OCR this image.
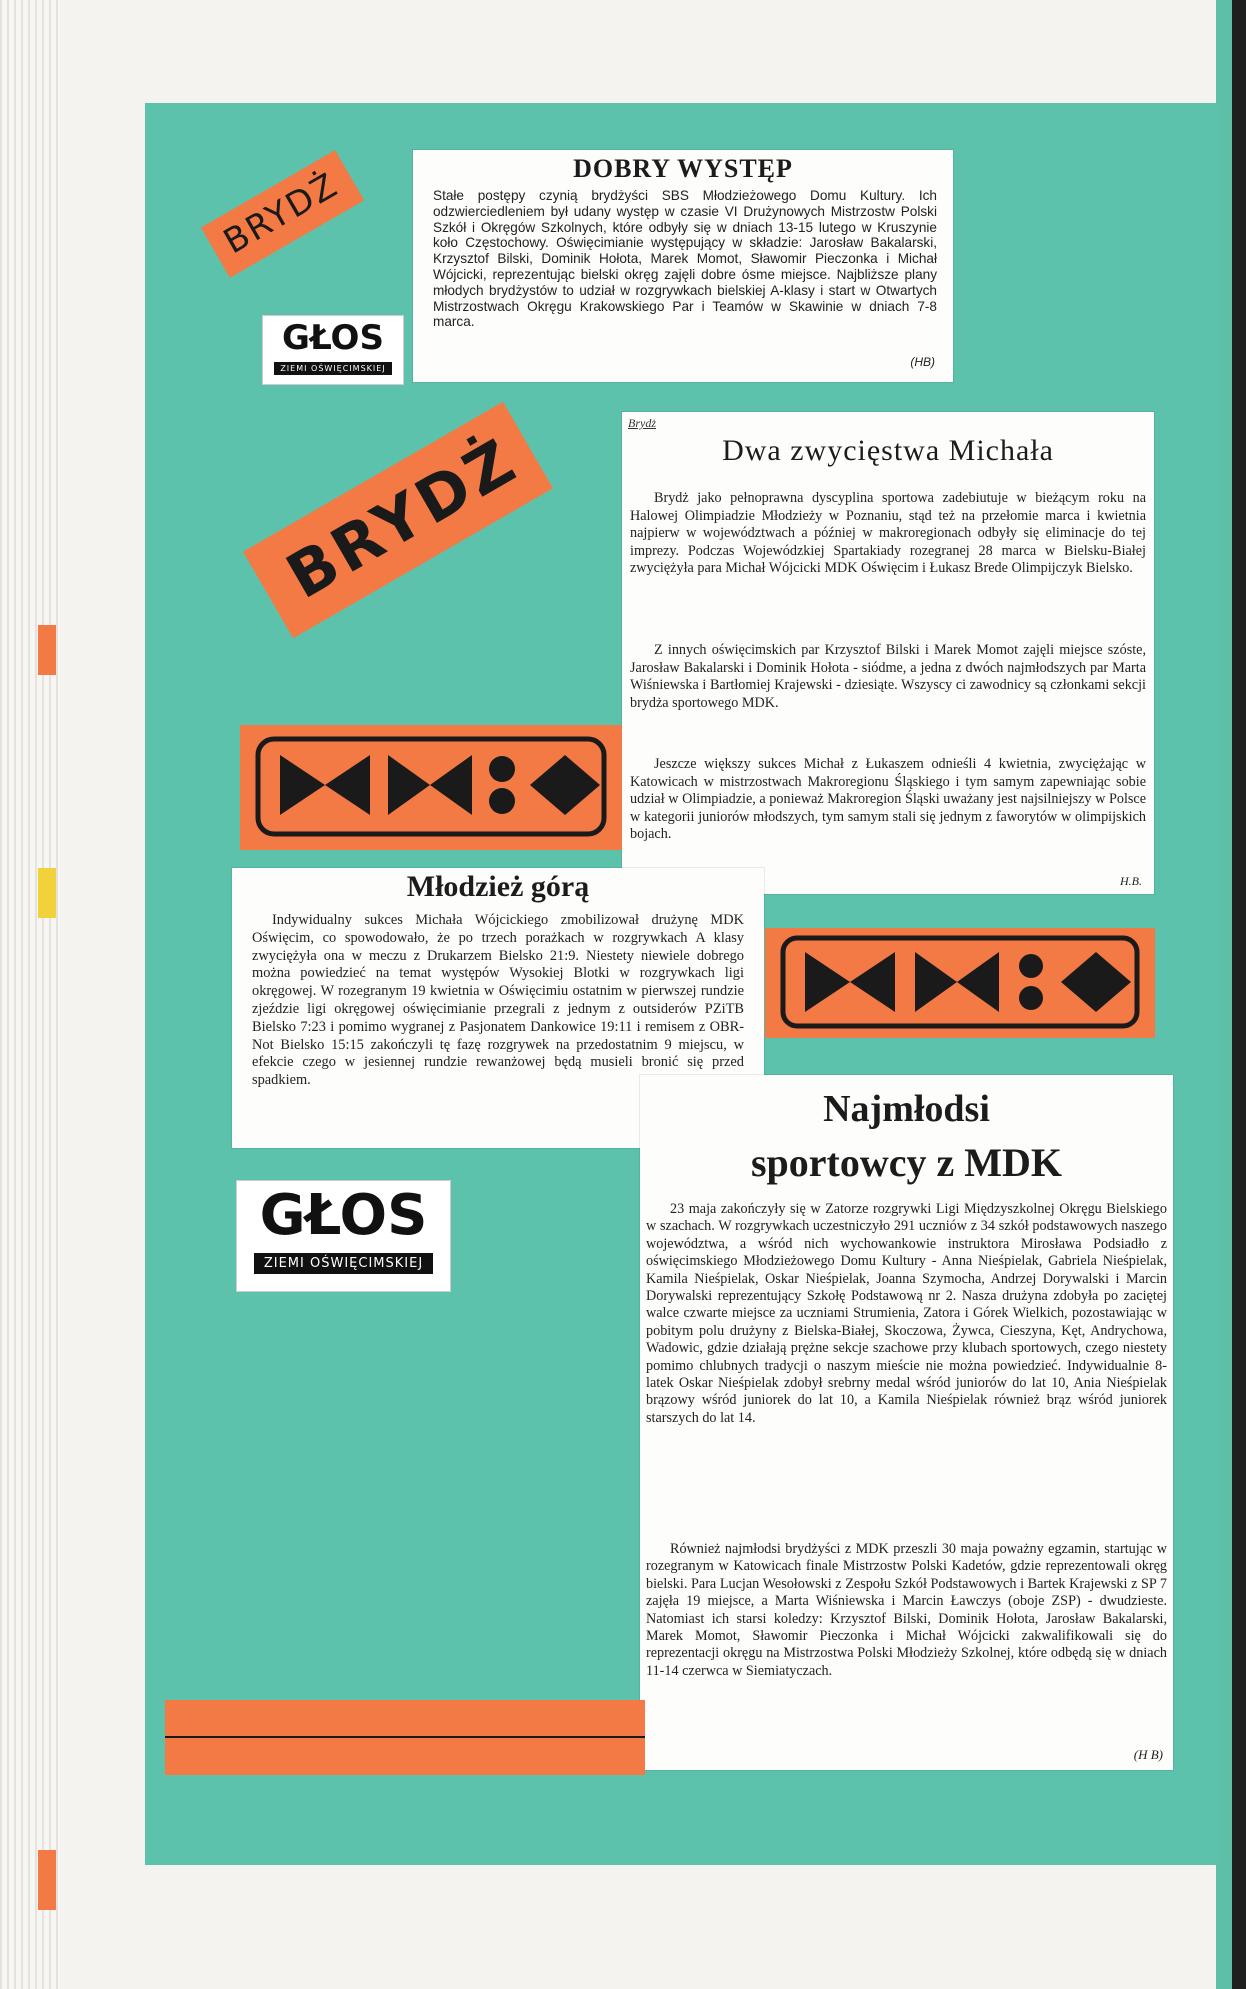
BRYDŻ
GŁOS
ZIEMI OŚWIĘCIMSKIEJ
DOBRY WYSTĘP

Stałe postępy czynią brydżyści SBS Młodzieżowego Domu Kultury. Ich odzwierciedleniem był udany występ w czasie VI Drużynowych Mistrzostw Polski Szkół i Okręgów Szkolnych, które odbyły się w dniach 13-15 lutego w Kruszynie koło Częstochowy. Oświęcimianie występujący w składzie: Jarosław Bakalarski, Krzysztof Bilski, Dominik Hołota, Marek Momot, Sławomir Pieczonka i Michał Wójcicki, reprezentując bielski okręg zajęli dobre ósme miejsce. Najbliższe plany młodych brydżystów to udział w rozgrywkach bielskiej A-klasy i start w Otwartych Mistrzostwach Okręgu Krakowskiego Par i Teamów w Skawinie w dniach 7-8 marca.

(HB)
BRYDŻ
Brydż
Dwa zwycięstwa Michała

Brydż jako pełnoprawna dyscyplina sportowa zadebiutuje w bieżącym roku na Halowej Olimpiadzie Młodzieży w Poznaniu, stąd też na przełomie marca i kwietnia najpierw w województwach a później w makroregionach odbyły się eliminacje do tej imprezy. Podczas Wojewódzkiej Spartakiady rozegranej 28 marca w Bielsku-Białej zwyciężyła para Michał Wójcicki MDK Oświęcim i Łukasz Brede Olimpijczyk Bielsko.

Z innych oświęcimskich par Krzysztof Bilski i Marek Momot zajęli miejsce szóste, Jarosław Bakalarski i Dominik Hołota - siódme, a jedna z dwóch najmłodszych par Marta Wiśniewska i Bartłomiej Krajewski - dziesiąte. Wszyscy ci zawodnicy są członkami sekcji brydża sportowego MDK.

Jeszcze większy sukces Michał z Łukaszem odnieśli 4 kwietnia, zwyciężając w Katowicach w mistrzostwach Makroregionu Śląskiego i tym samym zapewniając sobie udział w Olimpiadzie, a ponieważ Makroregion Śląski uważany jest najsilniejszy w Polsce w kategorii juniorów młodszych, tym samym stali się jednym z faworytów w olimpijskich bojach.

H.B.
Młodzież górą

Indywidualny sukces Michała Wójcickiego zmobilizował drużynę MDK Oświęcim, co spowodowało, że po trzech porażkach w rozgrywkach A klasy zwyciężyła ona w meczu z Drukarzem Bielsko 21:9. Niestety niewiele dobrego można powiedzieć na temat występów Wysokiej Blotki w rozgrywkach ligi okręgowej. W rozegranym 19 kwietnia w Oświęcimiu ostatnim w pierwszej rundzie zjeździe ligi okręgowej oświęcimianie przegrali z jednym z outsiderów PZiTB Bielsko 7:23 i pomimo wygranej z Pasjonatem Dankowice 19:11 i remisem z OBR-Not Bielsko 15:15 zakończyli tę fazę rozgrywek na przedostatnim 9 miejscu, w efekcie czego w jesiennej rundzie rewanżowej będą musieli bronić się przed spadkiem.

GŁOS
ZIEMI OŚWIĘCIMSKIEJ
Najmłodsi
sportowcy z MDK

23 maja zakończyły się w Zatorze rozgrywki Ligi Międzyszkolnej Okręgu Bielskiego w szachach. W rozgrywkach uczestniczyło 291 uczniów z 34 szkół podstawowych naszego województwa, a wśród nich wychowankowie instruktora Mirosława Podsiadło z oświęcimskiego Młodzieżowego Domu Kultury - Anna Nieśpielak, Gabriela Nieśpielak, Kamila Nieśpielak, Oskar Nieśpielak, Joanna Szymocha, Andrzej Dorywalski i Marcin Dorywalski reprezentujący Szkołę Podstawową nr 2. Nasza drużyna zdobyła po zaciętej walce czwarte miejsce za uczniami Strumienia, Zatora i Górek Wielkich, pozostawiając w pobitym polu drużyny z Bielska-Białej, Skoczowa, Żywca, Cieszyna, Kęt, Andrychowa, Wadowic, gdzie działają prężne sekcje szachowe przy klubach sportowych, czego niestety pomimo chlubnych tradycji o naszym mieście nie można powiedzieć. Indywidualnie 8-latek Oskar Nieśpielak zdobył srebrny medal wśród juniorów do lat 10, Ania Nieśpielak brązowy wśród juniorek do lat 10, a Kamila Nieśpielak również brąz wśród juniorek starszych do lat 14.

Również najmłodsi brydżyści z MDK przeszli 30 maja poważny egzamin, startując w rozegranym w Katowicach finale Mistrzostw Polski Kadetów, gdzie reprezentowali okręg bielski. Para Lucjan Wesołowski z Zespołu Szkół Podstawowych i Bartek Krajewski z SP 7 zajęła 19 miejsce, a Marta Wiśniewska i Marcin Ławczys (oboje ZSP) - dwudzieste. Natomiast ich starsi koledzy: Krzysztof Bilski, Dominik Hołota, Jarosław Bakalarski, Marek Momot, Sławomir Pieczonka i Michał Wójcicki zakwalifikowali się do reprezentacji okręgu na Mistrzostwa Polski Młodzieży Szkolnej, które odbędą się w dniach 11-14 czerwca w Siemiatyczach.

(H B)
